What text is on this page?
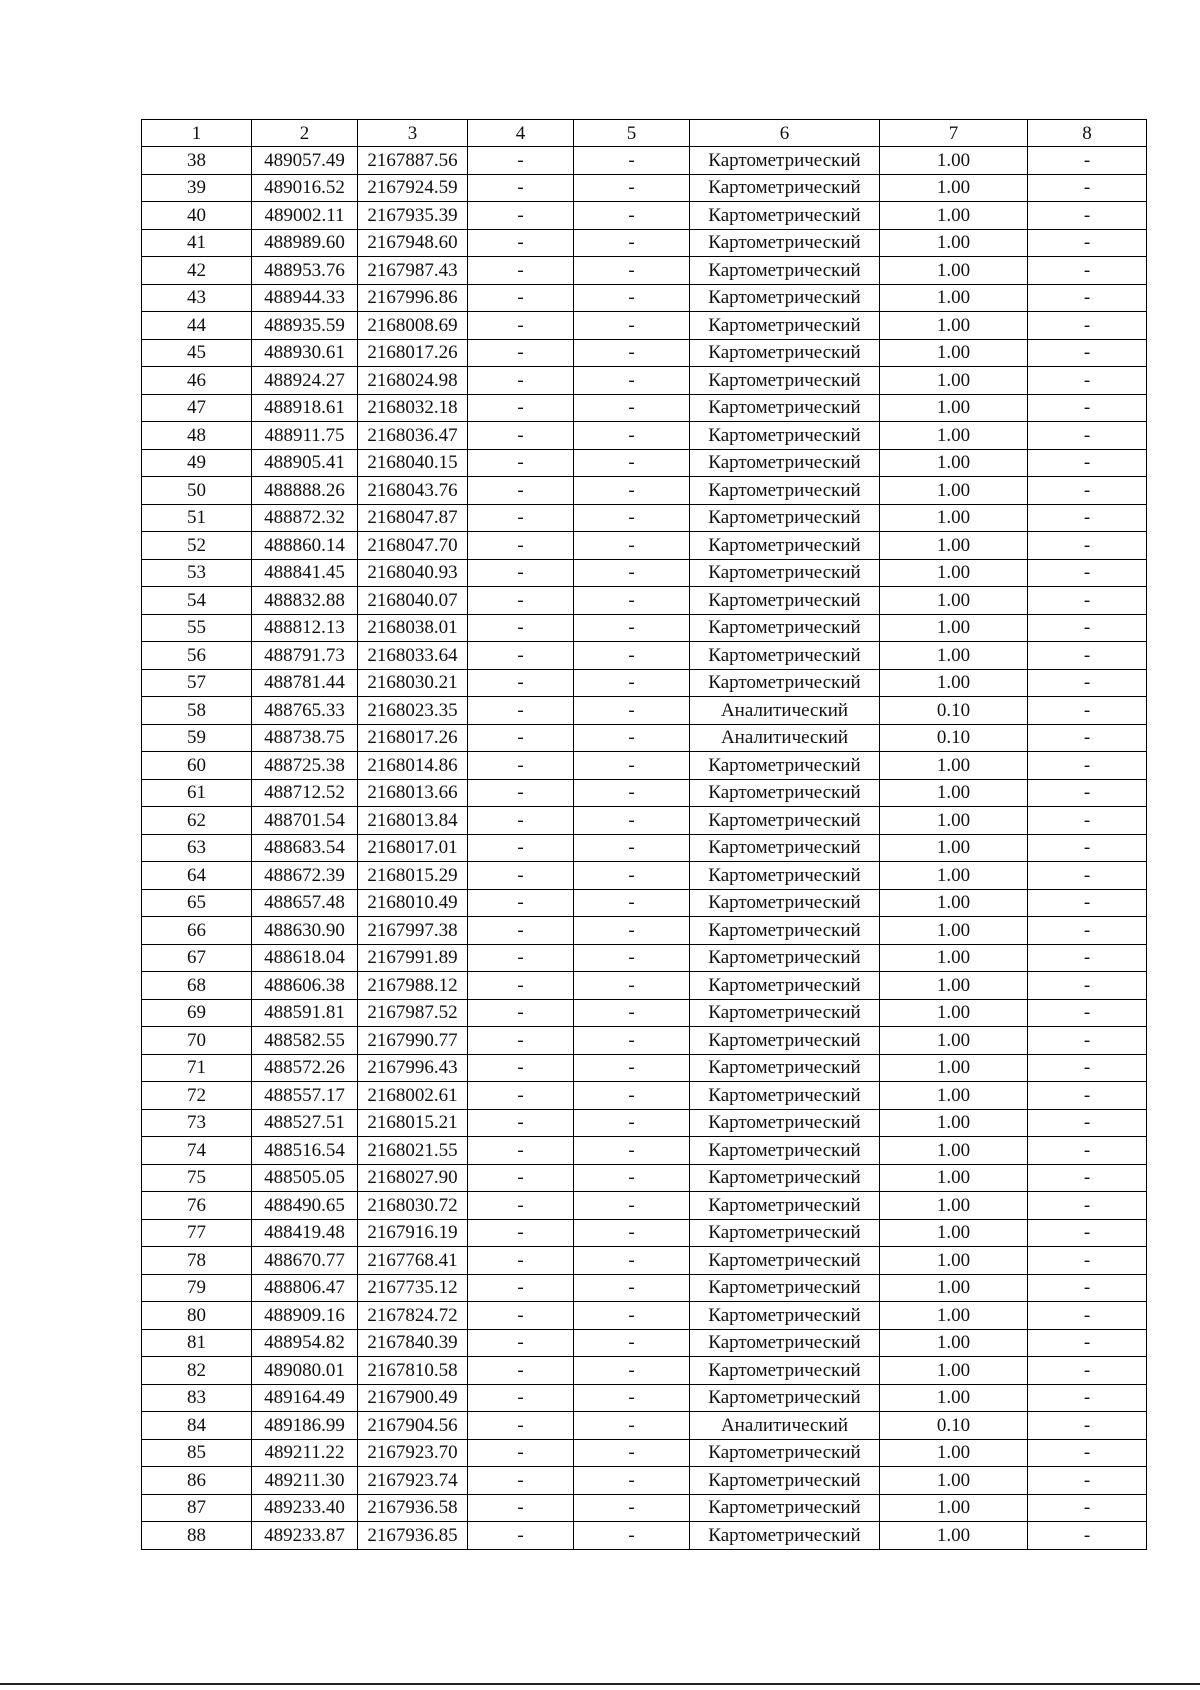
1	2	3	4	5	6	7	8
38	489057.49	2167887.56	-	-	Картометрический	1.00	-
39	489016.52	2167924.59	-	-	Картометрический	1.00	-
40	489002.11	2167935.39	-	-	Картометрический	1.00	-
41	488989.60	2167948.60	-	-	Картометрический	1.00	-
42	488953.76	2167987.43	-	-	Картометрический	1.00	-
43	488944.33	2167996.86	-	-	Картометрический	1.00	-
44	488935.59	2168008.69	-	-	Картометрический	1.00	-
45	488930.61	2168017.26	-	-	Картометрический	1.00	-
46	488924.27	2168024.98	-	-	Картометрический	1.00	-
47	488918.61	2168032.18	-	-	Картометрический	1.00	-
48	488911.75	2168036.47	-	-	Картометрический	1.00	-
49	488905.41	2168040.15	-	-	Картометрический	1.00	-
50	488888.26	2168043.76	-	-	Картометрический	1.00	-
51	488872.32	2168047.87	-	-	Картометрический	1.00	-
52	488860.14	2168047.70	-	-	Картометрический	1.00	-
53	488841.45	2168040.93	-	-	Картометрический	1.00	-
54	488832.88	2168040.07	-	-	Картометрический	1.00	-
55	488812.13	2168038.01	-	-	Картометрический	1.00	-
56	488791.73	2168033.64	-	-	Картометрический	1.00	-
57	488781.44	2168030.21	-	-	Картометрический	1.00	-
58	488765.33	2168023.35	-	-	Аналитический	0.10	-
59	488738.75	2168017.26	-	-	Аналитический	0.10	-
60	488725.38	2168014.86	-	-	Картометрический	1.00	-
61	488712.52	2168013.66	-	-	Картометрический	1.00	-
62	488701.54	2168013.84	-	-	Картометрический	1.00	-
63	488683.54	2168017.01	-	-	Картометрический	1.00	-
64	488672.39	2168015.29	-	-	Картометрический	1.00	-
65	488657.48	2168010.49	-	-	Картометрический	1.00	-
66	488630.90	2167997.38	-	-	Картометрический	1.00	-
67	488618.04	2167991.89	-	-	Картометрический	1.00	-
68	488606.38	2167988.12	-	-	Картометрический	1.00	-
69	488591.81	2167987.52	-	-	Картометрический	1.00	-
70	488582.55	2167990.77	-	-	Картометрический	1.00	-
71	488572.26	2167996.43	-	-	Картометрический	1.00	-
72	488557.17	2168002.61	-	-	Картометрический	1.00	-
73	488527.51	2168015.21	-	-	Картометрический	1.00	-
74	488516.54	2168021.55	-	-	Картометрический	1.00	-
75	488505.05	2168027.90	-	-	Картометрический	1.00	-
76	488490.65	2168030.72	-	-	Картометрический	1.00	-
77	488419.48	2167916.19	-	-	Картометрический	1.00	-
78	488670.77	2167768.41	-	-	Картометрический	1.00	-
79	488806.47	2167735.12	-	-	Картометрический	1.00	-
80	488909.16	2167824.72	-	-	Картометрический	1.00	-
81	488954.82	2167840.39	-	-	Картометрический	1.00	-
82	489080.01	2167810.58	-	-	Картометрический	1.00	-
83	489164.49	2167900.49	-	-	Картометрический	1.00	-
84	489186.99	2167904.56	-	-	Аналитический	0.10	-
85	489211.22	2167923.70	-	-	Картометрический	1.00	-
86	489211.30	2167923.74	-	-	Картометрический	1.00	-
87	489233.40	2167936.58	-	-	Картометрический	1.00	-
88	489233.87	2167936.85	-	-	Картометрический	1.00	-
